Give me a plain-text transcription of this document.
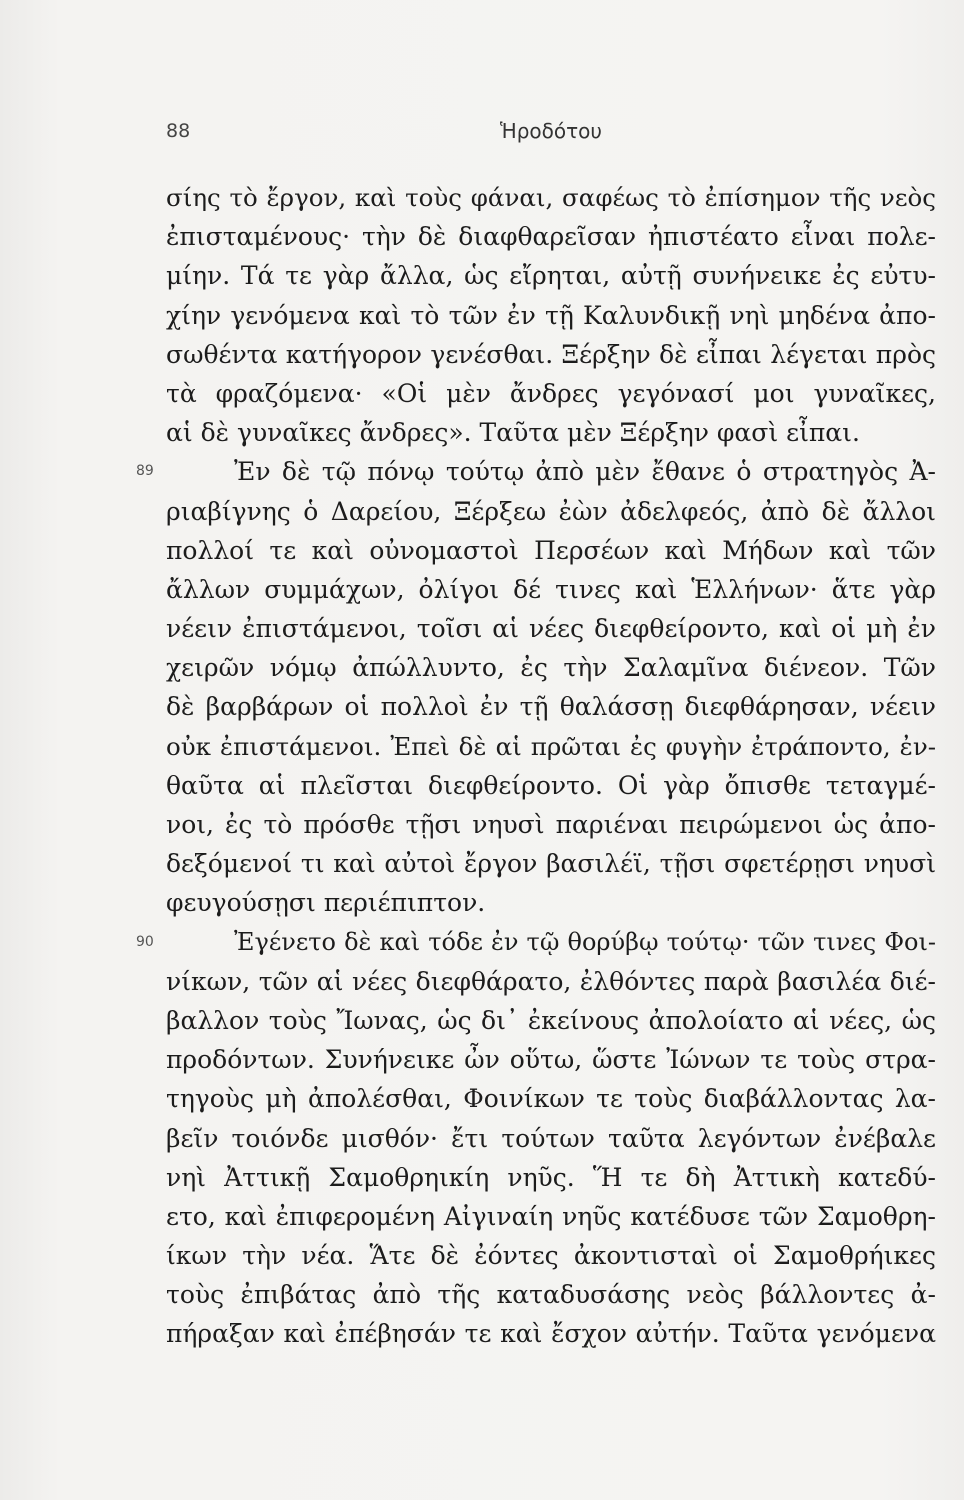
88	Ἡροδότου
σίης τὸ ἔργον, καὶ τοὺς φάναι, σαφέως τὸ ἐπίσημον τῆς νεὸς
ἐπισταμένους· τὴν δὲ διαφθαρεῖσαν ἠπιστέατο εἶναι πολε-
μίην. Τά τε γὰρ ἄλλα, ὡς εἴρηται, αὐτῇ συνήνεικε ἐς εὐτυ-
χίην γενόμενα καὶ τὸ τῶν ἐν τῇ Καλυνδικῇ νηὶ μηδένα ἀπο-
σωθέντα κατήγορον γενέσθαι. Ξέρξην δὲ εἶπαι λέγεται πρὸς
τὰ φραζόμενα· «Οἱ μὲν ἄνδρες γεγόνασί μοι γυναῖκες,
αἱ δὲ γυναῖκες ἄνδρες». Ταῦτα μὲν Ξέρξην φασὶ εἶπαι.
89	Ἐν δὲ τῷ πόνῳ τούτῳ ἀπὸ μὲν ἔθανε ὁ στρατηγὸς Ἀ-
ριαβίγνης ὁ Δαρείου, Ξέρξεω ἐὼν ἀδελφεός, ἀπὸ δὲ ἄλλοι
πολλοί τε καὶ οὐνομαστοὶ Περσέων καὶ Μήδων καὶ τῶν
ἄλλων συμμάχων, ὀλίγοι δέ τινες καὶ Ἑλλήνων· ἅτε γὰρ
νέειν ἐπιστάμενοι, τοῖσι αἱ νέες διεφθείροντο, καὶ οἱ μὴ ἐν
χειρῶν νόμῳ ἀπώλλυντο, ἐς τὴν Σαλαμῖνα διένεον. Τῶν
δὲ βαρβάρων οἱ πολλοὶ ἐν τῇ θαλάσσῃ διεφθάρησαν, νέειν
οὐκ ἐπιστάμενοι. Ἐπεὶ δὲ αἱ πρῶται ἐς φυγὴν ἐτράποντο, ἐν-
θαῦτα αἱ πλεῖσται διεφθείροντο. Οἱ γὰρ ὄπισθε τεταγμέ-
νοι, ἐς τὸ πρόσθε τῇσι νηυσὶ παριέναι πειρώμενοι ὡς ἀπο-
δεξόμενοί τι καὶ αὐτοὶ ἔργον βασιλέϊ, τῇσι σφετέρῃσι νηυσὶ
φευγούσῃσι περιέπιπτον.
90	Ἐγένετο δὲ καὶ τόδε ἐν τῷ θορύβῳ τούτῳ· τῶν τινες Φοι-
νίκων, τῶν αἱ νέες διεφθάρατο, ἐλθόντες παρὰ βασιλέα διέ-
βαλλον τοὺς Ἴωνας, ὡς δι᾽ ἐκείνους ἀπολοίατο αἱ νέες, ὡς
προδόντων. Συνήνεικε ὦν οὕτω, ὥστε Ἰώνων τε τοὺς στρα-
τηγοὺς μὴ ἀπολέσθαι, Φοινίκων τε τοὺς διαβάλλοντας λα-
βεῖν τοιόνδε μισθόν· ἔτι τούτων ταῦτα λεγόντων ἐνέβαλε
νηὶ Ἀττικῇ Σαμοθρηικίη νηῦς. Ἥ τε δὴ Ἀττικὴ κατεδύ-
ετο, καὶ ἐπιφερομένη Αἰγιναίη νηῦς κατέδυσε τῶν Σαμοθρη-
ίκων τὴν νέα. Ἅτε δὲ ἐόντες ἀκοντισταὶ οἱ Σαμοθρήικες
τοὺς ἐπιβάτας ἀπὸ τῆς καταδυσάσης νεὸς βάλλοντες ἀ-
πήραξαν καὶ ἐπέβησάν τε καὶ ἔσχον αὐτήν. Ταῦτα γενόμενα
